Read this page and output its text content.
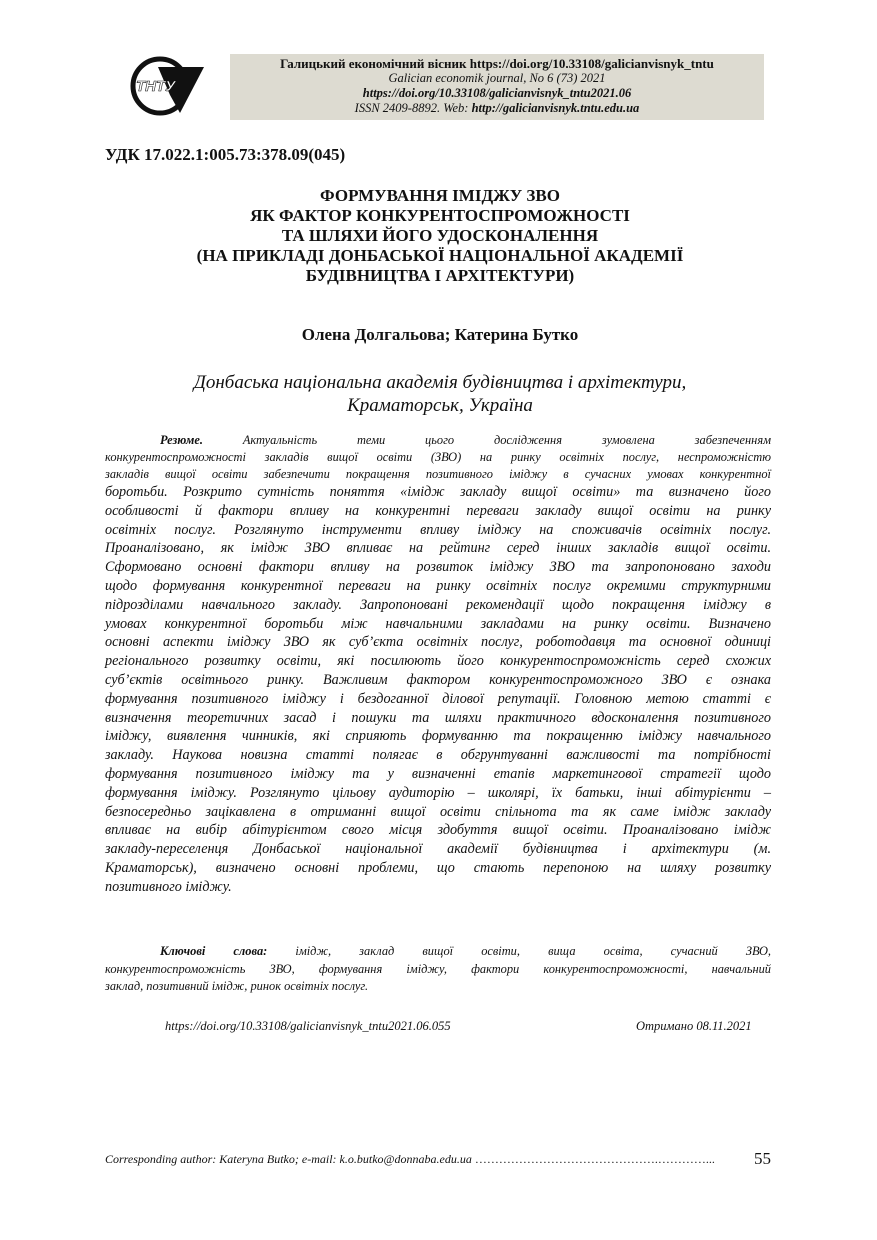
ТНТУ
Галицький економічний вісник https://doi.org/10.33108/galicianvisnyk_tntu
Galician economik journal, No 6 (73) 2021
https://doi.org/10.33108/galicianvisnyk_tntu2021.06
ISSN 2409-8892. Web: http://galicianvisnyk.tntu.edu.ua
УДК 17.022.1:005.73:378.09(045)
ФОРМУВАННЯ ІМІДЖУ ЗВО
ЯК ФАКТОР КОНКУРЕНТОСПРОМОЖНОСТІ
ТА ШЛЯХИ ЙОГО УДОСКОНАЛЕННЯ
(НА ПРИКЛАДІ ДОНБАСЬКОЇ НАЦІОНАЛЬНОЇ АКАДЕМІЇ
БУДІВНИЦТВА І АРХІТЕКТУРИ)
Олена Долгальова; Катерина Бутко
Донбаська національна академія будівництва і архітектури,
Краматорськ, Україна
Резюме.	Актуальність теми цього дослідження зумовлена забезпеченням
конкурентоспроможності закладів вищої освіти (ЗВО) на ринку освітніх послуг, неспроможністю
закладів вищої освіти забезпечити покращення позитивного іміджу в сучасних умовах конкурентної
боротьби. Розкрито сутність поняття «імідж закладу вищої освіти» та визначено його
особливості й фактори впливу на конкурентні переваги закладу вищої освіти на ринку
освітніх послуг. Розглянуто інструменти впливу іміджу на споживачів освітніх послуг.
Проаналізовано, як імідж ЗВО впливає на рейтинг серед інших закладів вищої освіти.
Сформовано основні фактори впливу на розвиток іміджу ЗВО та запропоновано заходи
щодо формування конкурентної переваги на ринку освітніх послуг окремими структурними
підрозділами навчального закладу. Запропоновані рекомендації щодо покращення іміджу в
умовах конкурентної боротьби між навчальними закладами на ринку освіти. Визначено
основні аспекти іміджу ЗВО як суб’єкта освітніх послуг, роботодавця та основної одиниці
регіонального розвитку освіти, які посилюють його конкурентоспроможність серед схожих
суб’єктів освітнього ринку. Важливим фактором конкурентоспроможного ЗВО є ознака
формування позитивного іміджу і бездоганної ділової репутації. Головною метою статті є
визначення теоретичних засад і пошуки та шляхи практичного вдосконалення позитивного
іміджу, виявлення чинників, які сприяють формуванню та покращенню іміджу навчального
закладу. Наукова новизна статті полягає в обгрунтуванні важливості та потрібності
формування позитивного іміджу та у визначенні етапів маркетингової стратегії щодо
формування іміджу. Розглянуто цільову аудиторію – школярі, їх батьки, інші абітурієнти –
безпосередньо зацікавлена в отриманні вищої освіти спільнота та як саме імідж закладу
впливає на вибір абітурієнтом свого місця здобуття вищої освіти. Проаналізовано імідж
закладу-переселенця Донбаської національної академії будівництва і архітектури (м.
Краматорськ), визначено основні проблеми, що стають перепоною на шляху розвитку
позитивного іміджу.
Ключові слова: імідж, заклад вищої освіти, вища освіта, сучасний ЗВО,
конкурентоспроможність ЗВО, формування іміджу, фактори конкурентоспроможності, навчальний
заклад, позитивний імідж, ринок освітніх послуг.
https://doi.org/10.33108/galicianvisnyk_tntu2021.06.055	Отримано 08.11.2021
Corresponding author: Kateryna Butko; e-mail: k.o.butko@donnaba.edu.ua ……………………………………….…………...	55
